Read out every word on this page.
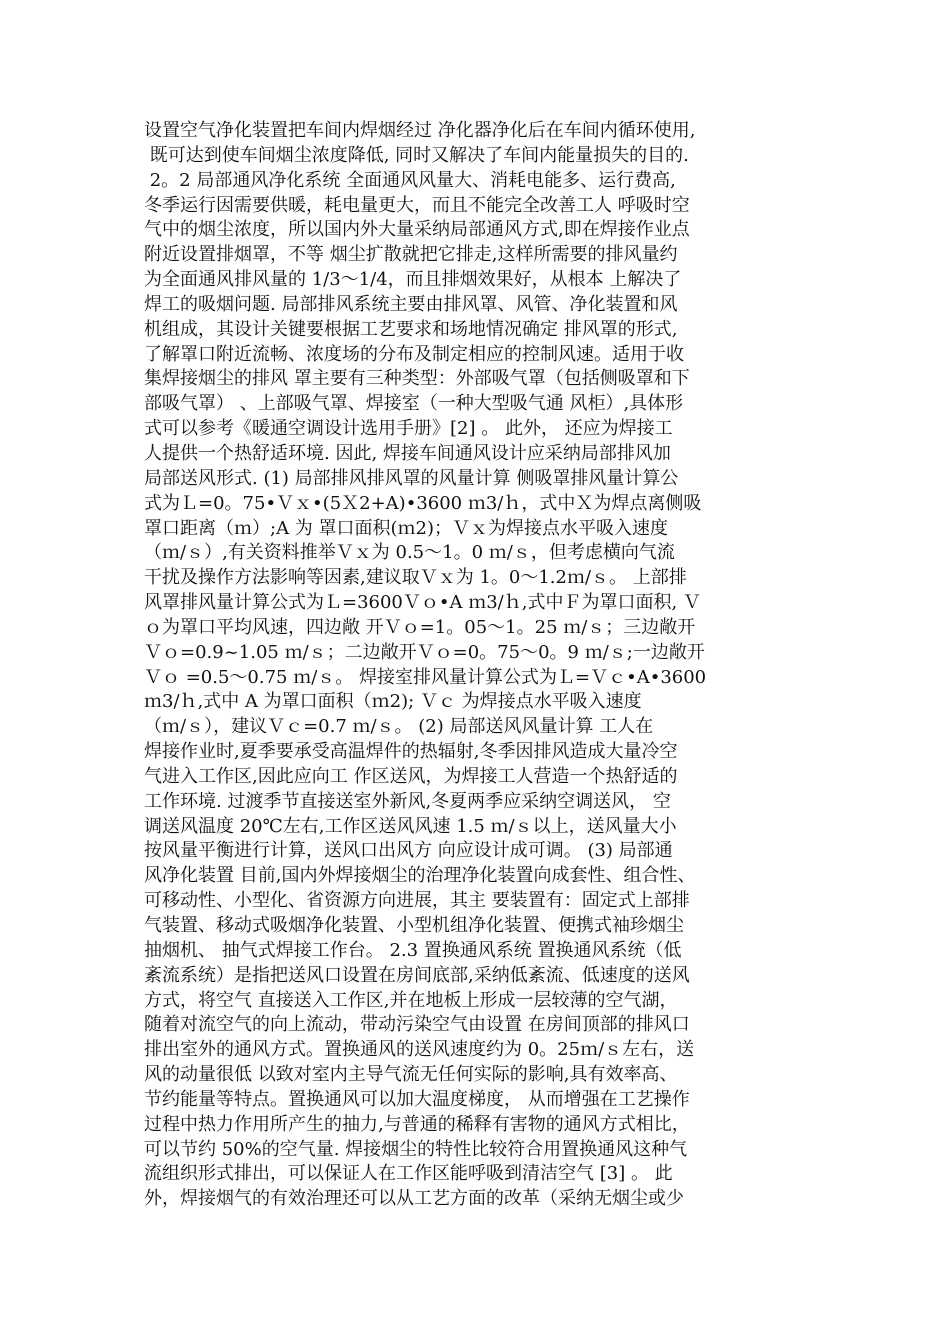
设置空气净化装置把车间内焊烟经过 净化器净化后在车间内循环使用,
既可达到使车间烟尘浓度降低, 同时又解决了车间内能量损失的目的.
2。2 局部通风净化系统 全面通风风量大、消耗电能多、运行费高,
冬季运行因需要供暖，耗电量更大，而且不能完全改善工人 呼吸时空
气中的烟尘浓度，所以国内外大量采纳局部通风方式,即在焊接作业点
附近设置排烟罩，不等 烟尘扩散就把它排走,这样所需要的排风量约
为全面通风排风量的 1/3～1/4，而且排烟效果好，从根本 上解决了
焊工的吸烟问题. 局部排风系统主要由排风罩、风管、净化装置和风
机组成，其设计关键要根据工艺要求和场地情况确定 排风罩的形式,
了解罩口附近流畅、浓度场的分布及制定相应的控制风速。适用于收
集焊接烟尘的排风 罩主要有三种类型：外部吸气罩（包括侧吸罩和下
部吸气罩） 、上部吸气罩、焊接室（一种大型吸气通 风柜）,具体形
式可以参考《暖通空调设计选用手册》[2] 。 此外， 还应为焊接工
人提供一个热舒适环境. 因此, 焊接车间通风设计应采纳局部排风加
局部送风形式. (1) 局部排风排风罩的风量计算 侧吸罩排风量计算公
式为Ｌ=0。75•Ｖｘ•(5Ｘ2+A)•3600 ｍ3/ｈ，式中Ｘ为焊点离侧吸
罩口距离（ｍ）;A 为 罩口面积(ｍ2)；Ｖｘ为焊接点水平吸入速度
（ｍ/ｓ）,有关资料推举Ｖｘ为 0.5～1。0 ｍ/ｓ，但考虑横向气流
干扰及操作方法影响等因素,建议取Ｖｘ为 1。0～1.2ｍ/ｓ。 上部排
风罩排风量计算公式为Ｌ=3600Ｖｏ•A ｍ3/ｈ,式中Ｆ为罩口面积, Ｖ
ｏ为罩口平均风速，四边敞 开Ｖｏ=1。05～1。25 ｍ/ｓ；三边敞开
Ｖｏ=0.9~1.05 ｍ/ｓ；二边敞开Ｖｏ=0。75～0。9 ｍ/ｓ;一边敞开
Ｖｏ =0.5～0.75 ｍ/ｓ。 焊接室排风量计算公式为Ｌ=Ｖｃ•A•3600
ｍ3/ｈ,式中 A 为罩口面积（ｍ2); Ｖｃ 为焊接点水平吸入速度
（ｍ/ｓ），建议Ｖｃ=0.7 ｍ/ｓ。 (2) 局部送风风量计算 工人在
焊接作业时,夏季要承受高温焊件的热辐射,冬季因排风造成大量冷空
气进入工作区,因此应向工 作区送风，为焊接工人营造一个热舒适的
工作环境. 过渡季节直接送室外新风,冬夏两季应采纳空调送风， 空
调送风温度 20℃左右,工作区送风风速 1.5 ｍ/ｓ以上，送风量大小
按风量平衡进行计算，送风口出风方 向应设计成可调。 (3) 局部通
风净化装置 目前,国内外焊接烟尘的治理净化装置向成套性、组合性、
可移动性、小型化、省资源方向进展，其主 要装置有：固定式上部排
气装置、移动式吸烟净化装置、小型机组净化装置、便携式袖珍烟尘
抽烟机、 抽气式焊接工作台。 2.3 置换通风系统 置换通风系统（低
紊流系统）是指把送风口设置在房间底部,采纳低紊流、低速度的送风
方式，将空气 直接送入工作区,并在地板上形成一层较薄的空气湖，
随着对流空气的向上流动，带动污染空气由设置 在房间顶部的排风口
排出室外的通风方式。置换通风的送风速度约为 0。25ｍ/ｓ左右，送
风的动量很低 以致对室内主导气流无任何实际的影响,具有效率高、
节约能量等特点。置换通风可以加大温度梯度， 从而增强在工艺操作
过程中热力作用所产生的抽力,与普通的稀释有害物的通风方式相比，
可以节约 50%的空气量. 焊接烟尘的特性比较符合用置换通风这种气
流组织形式排出，可以保证人在工作区能呼吸到清洁空气 [3] 。 此
外，焊接烟气的有效治理还可以从工艺方面的改革（采纳无烟尘或少
